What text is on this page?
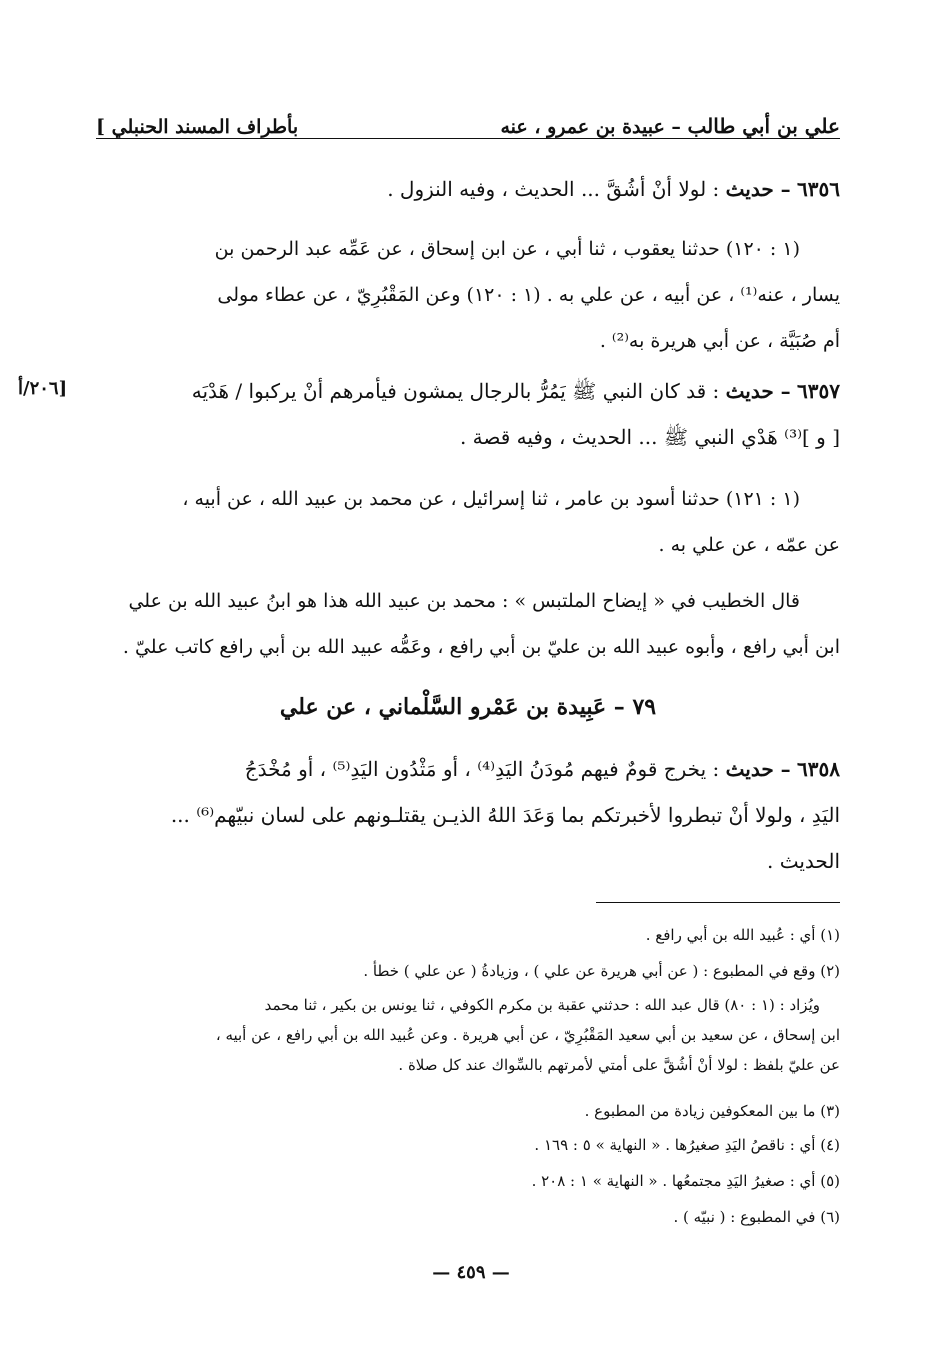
بأطراف المسند الحنبلي ]	علي بن أبي طالب – عبيدة بن عمرو ، عنه
٦٣٥٦ – حديث : لولا أنْ أشُقَّ ... الحديث ، وفيه النزول .
(١ : ١٢٠) حدثنا يعقوب ، ثنا أبي ، عن ابن إسحاق ، عن عَمِّه عبد الرحمن بن
يسار ، عنه⁽¹⁾ ، عن أبيه ، عن علي به . (١ : ١٢٠) وعن المَقْبُرِيّ ، عن عطاء مولى
أم صُبَيَّة ، عن أبي هريرة به⁽²⁾ .
٦٣٥٧ – حديث : قد كان النبي ﷺ يَمُرُّ بالرجال يمشون فيأمرهم أنْ يركبوا / هَدْيَه
[ و ]⁽³⁾ هَدْي النبي ﷺ ... الحديث ، وفيه قصة .
[٢٠٦/أ
(١ : ١٢١) حدثنا أسود بن عامر ، ثنا إسرائيل ، عن محمد بن عبيد الله ، عن أبيه ،
عن عمّه ، عن علي به .
قال الخطيب في « إيضاح الملتبس » : محمد بن عبيد الله هذا هو ابنُ عبيد الله بن علي
ابن أبي رافع ، وأبوه عبيد الله بن عليّ بن أبي رافع ، وعَمُّه عبيد الله بن أبي رافع كاتب عليّ .
٧٩ – عَبِيدة بن عَمْرو السَّلْماني ، عن علي
٦٣٥٨ – حديث : يخرج قومٌ فيهم مُودَنُ اليَدِ⁽⁴⁾ ، أو مَثْدُون اليَدِ⁽⁵⁾ ، أو مُخْدَجُ
اليَدِ ، ولولا أنْ تبطروا لأخبرتكم بما وَعَدَ اللهُ الذيـن يقتلـونهم على لسان نبيّهم⁽⁶⁾ ...
الحديث .
(١) أي : عُبيد الله بن أبي رافع .
(٢) وقع في المطبوع : ( عن أبي هريرة عن علي ) ، وزيادةُ ( عن علي ) خطأ .
ويُزاد : (١ : ٨٠) قال عبد الله : حدثني عقبة بن مكرم الكوفي ، ثنا يونس بن بكير ، ثنا محمد
ابن إسحاق ، عن سعيد بن أبي سعيد المَقْبُرِيّ ، عن أبي هريرة . وعن عُبيد الله بن أبي رافع ، عن أبيه ،
عن عليّ بلفظ : لولا أنْ أشُقَّ على أمتي لأمرتهم بالسِّواك عند كل صلاة .
(٣) ما بين المعكوفين زيادة من المطبوع .
(٤) أي : ناقصُ اليَدِ صغيرُها . « النهاية » ٥ : ١٦٩ .
(٥) أي : صغيرُ اليَدِ مجتمعُها . « النهاية » ١ : ٢٠٨ .
(٦) في المطبوع : ( نبيّه ) .
— ٤٥٩ —
